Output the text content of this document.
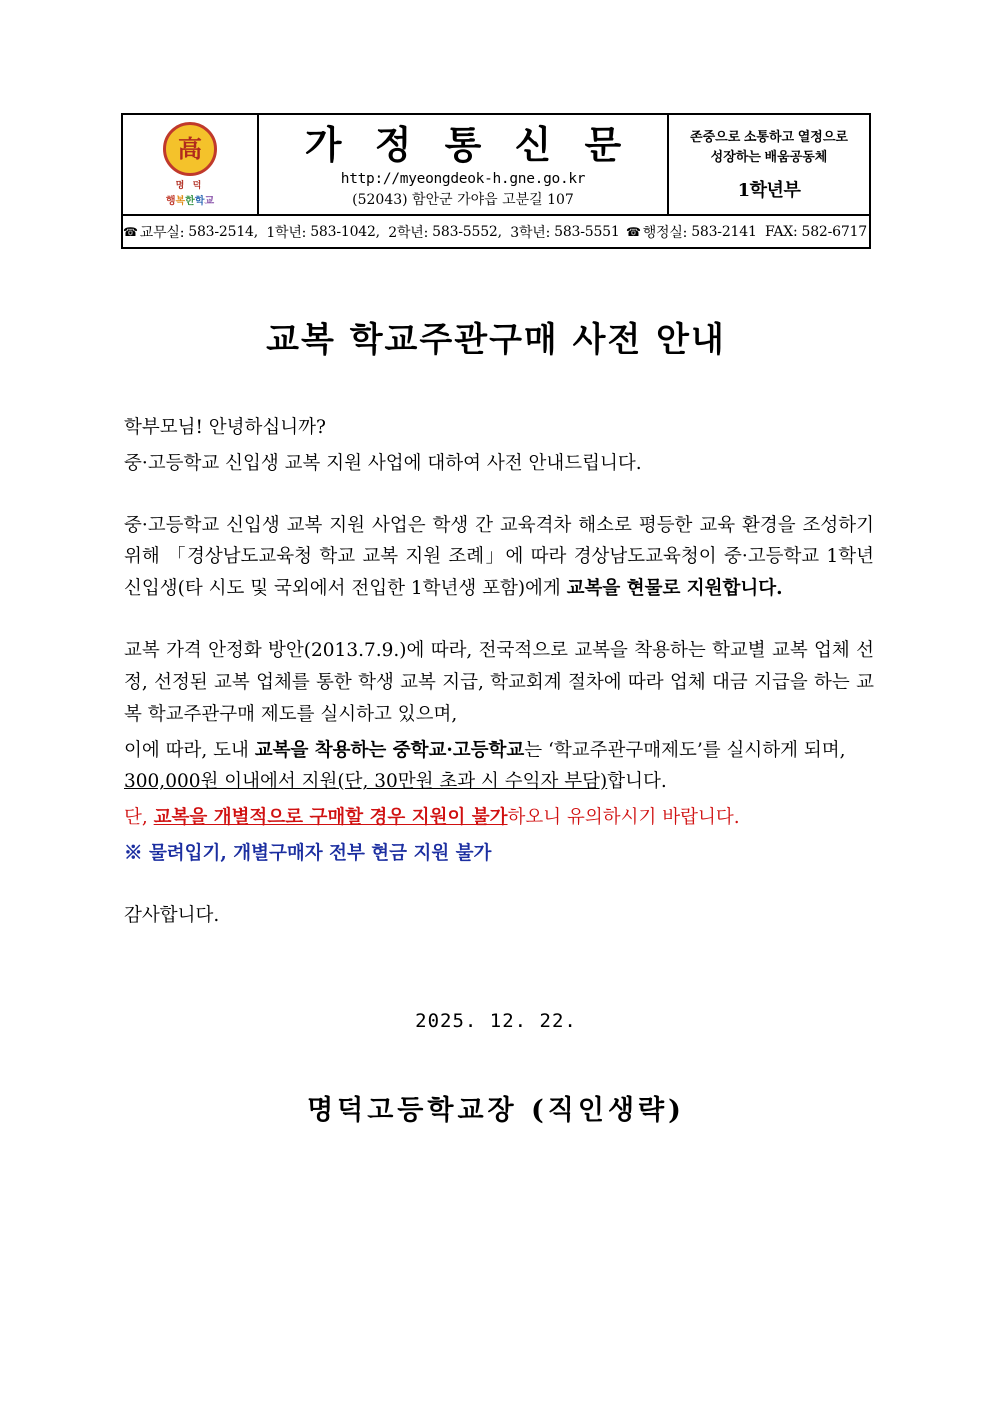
高
명 덕
행복한학교
가 정 통 신 문
http://myeongdeok-h.gne.go.kr
(52043) 함안군 가야읍 고분길 107
존중으로 소통하고 열정으로
성장하는 배움공동체
1학년부
☎ 교무실: 583-2514, 1학년: 583-1042, 2학년: 583-5552, 3학년: 583-5551 ☎ 행정실: 583-2141 FAX: 582-6717
교복 학교주관구매 사전 안내

학부모님! 안녕하십니까?

중·고등학교 신입생 교복 지원 사업에 대하여 사전 안내드립니다.

중·고등학교 신입생 교복 지원 사업은 학생 간 교육격차 해소로 평등한 교육 환경을 조성하기 위해 「경상남도교육청 학교 교복 지원 조례」에 따라 경상남도교육청이 중·고등학교 1학년 신입생(타 시도 및 국외에서 전입한 1학년생 포함)에게 교복을 현물로 지원합니다.

교복 가격 안정화 방안(2013.7.9.)에 따라, 전국적으로 교복을 착용하는 학교별 교복 업체 선정, 선정된 교복 업체를 통한 학생 교복 지급, 학교회계 절차에 따라 업체 대금 지급을 하는 교복 학교주관구매 제도를 실시하고 있으며,

이에 따라, 도내 교복을 착용하는 중학교·고등학교는 ‘학교주관구매제도’를 실시하게 되며, 300,000원 이내에서 지원(단, 30만원 초과 시 수익자 부담)합니다.

단, 교복을 개별적으로 구매할 경우 지원이 불가하오니 유의하시기 바랍니다.

※ 물려입기, 개별구매자 전부 현금 지원 불가

감사합니다.

2025. 12. 22.
명덕고등학교장 (직인생략)
